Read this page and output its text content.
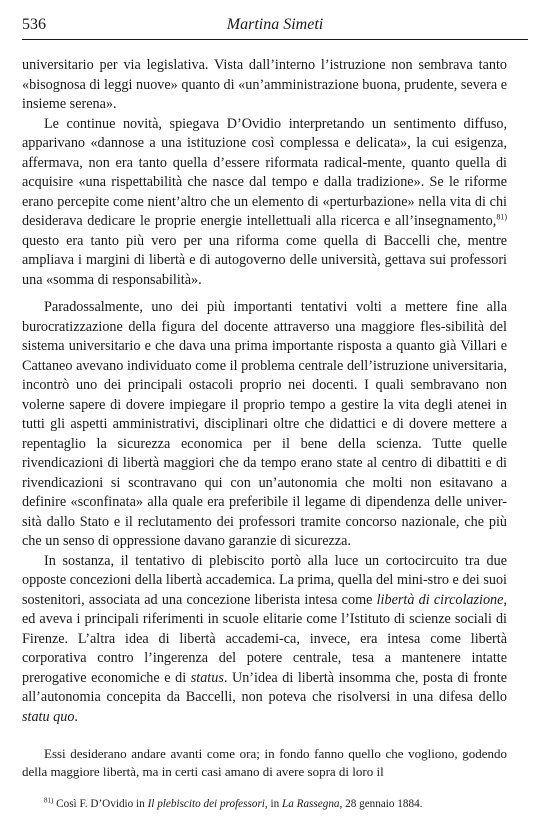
536	Martina Simeti

universitario per via legislativa. Vista dall’interno l’istruzione non sembrava tanto «bisognosa di leggi nuove» quanto di «un’amministrazione buona, prudente, severa e insieme serena».

Le continue novità, spiegava D’Ovidio interpretando un sentimento diffuso, apparivano «dannose a una istituzione così complessa e delicata», la cui esigenza, affermava, non era tanto quella d’essere riformata radical-mente, quanto quella di acquisire «una rispettabilità che nasce dal tempo e dalla tradizione». Se le riforme erano percepite come nient’altro che un elemento di «perturbazione» nella vita di chi desiderava dedicare le proprie energie intellettuali alla ricerca e all’insegnamento,$^{81)}$ questo era tanto più vero per una riforma come quella di Baccelli che, mentre ampliava i margini di libertà e di autogoverno delle università, gettava sui professori una «somma di responsabilità».

Paradossalmente, uno dei più importanti tentativi volti a mettere fine alla burocratizzazione della figura del docente attraverso una maggiore fles-sibilità del sistema universitario e che dava una prima importante risposta a quanto già Villari e Cattaneo avevano individuato come il problema centrale dell’istruzione universitaria, incontrò uno dei principali ostacoli proprio nei docenti. I quali sembravano non volerne sapere di dovere impiegare il proprio tempo a gestire la vita degli atenei in tutti gli aspetti amministrativi, disciplinari oltre che didattici e di dovere mettere a repentaglio la sicurezza economica per il bene della scienza. Tutte quelle rivendicazioni di libertà maggiori che da tempo erano state al centro di dibattiti e di rivendicazioni si scontravano qui con un’autonomia che molti non esitavano a definire «sconfinata» alla quale era preferibile il legame di dipendenza delle univer-sità dallo Stato e il reclutamento dei professori tramite concorso nazionale, che più che un senso di oppressione davano garanzie di sicurezza.

In sostanza, il tentativo di plebiscito portò alla luce un cortocircuito tra due opposte concezioni della libertà accademica. La prima, quella del mini-stro e dei suoi sostenitori, associata ad una concezione liberista intesa come libertà di circolazione, ed aveva i principali riferimenti in scuole elitarie come l’Istituto di scienze sociali di Firenze. L’altra idea di libertà accademi-ca, invece, era intesa come libertà corporativa contro l’ingerenza del potere centrale, tesa a mantenere intatte prerogative economiche e di status. Un’idea di libertà insomma che, posta di fronte all’autonomia concepita da Baccelli, non poteva che risolversi in una difesa dello statu quo.

Essi desiderano andare avanti come ora; in fondo fanno quello che vogliono, godendo della maggiore libertà, ma in certi casi amano di avere sopra di loro il

$^{81)}$ Così F. D’Ovidio in Il plebiscito dei professori, in La Rassegna, 28 gennaio 1884.
